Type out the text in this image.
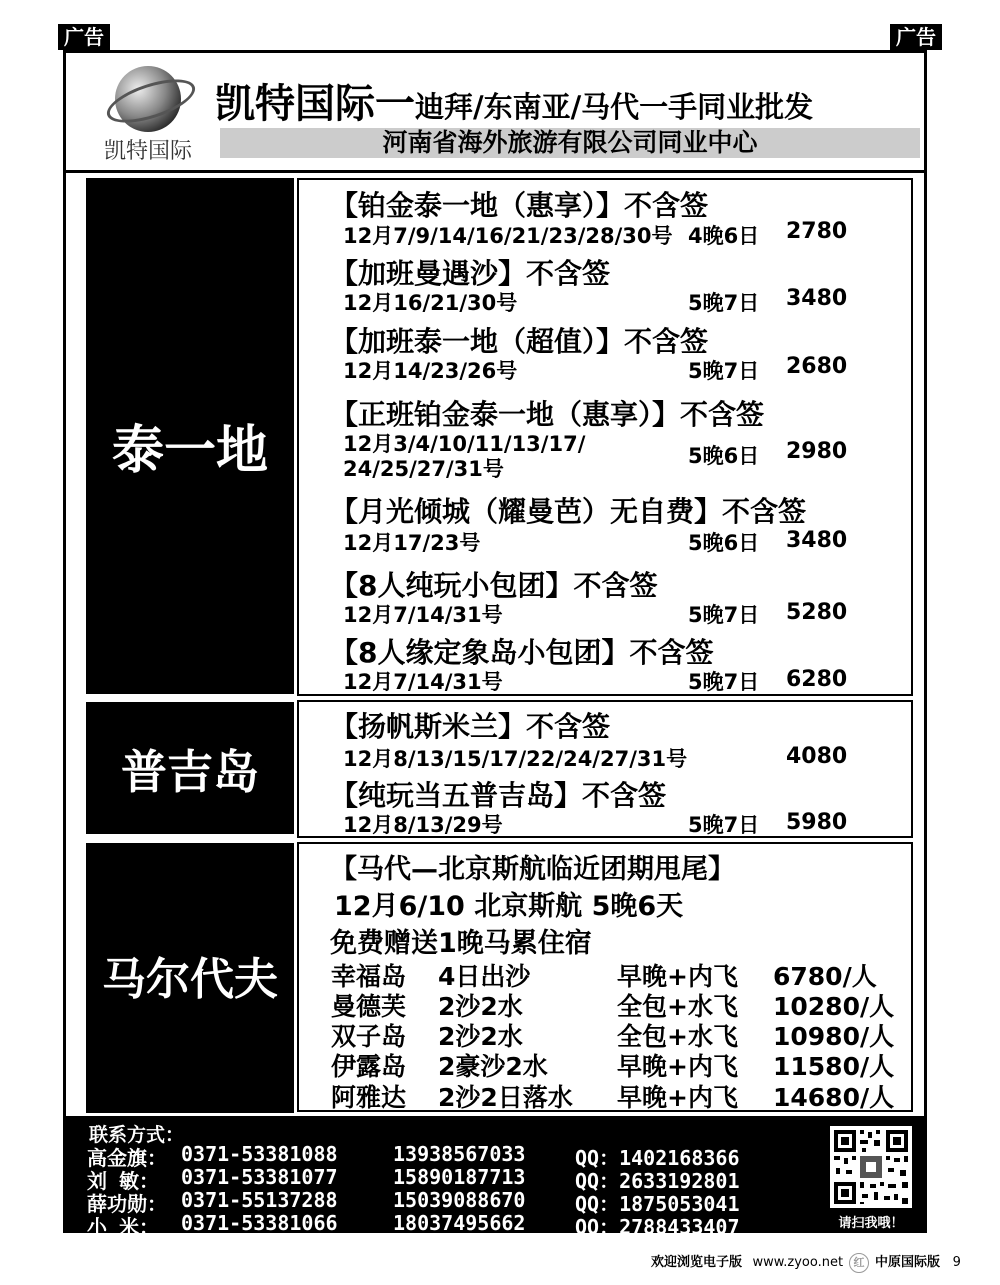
广告	广告
凯特国际
凯特国际一迪拜/东南亚/马代一手同业批发
河南省海外旅游有限公司同业中心
泰一地
【铂金泰一地（惠享）】不含签
12月7/9/14/16/21/23/28/30号 4晚6日 2780
【加班曼遇沙】不含签
12月16/21/30号	5晚7日 3480
【加班泰一地（超值）】不含签
12月14/23/26号	5晚7日 2680
【正班铂金泰一地（惠享）】不含签
12月3/4/10/11/13/17/
24/25/27/31号
5晚6日 2980
【月光倾城（耀曼芭）无自费】不含签
12月17/23号	5晚6日 3480
【8人纯玩小包团】不含签
12月7/14/31号	5晚7日 5280
【8人缘定象岛小包团】不含签
12月7/14/31号	5晚7日 6280
普吉岛
【扬帆斯米兰】不含签
12月8/13/15/17/22/24/27/31号	4080
【纯玩当五普吉岛】不含签
12月8/13/29号	5晚7日 5980
马尔代夫
【马代—北京斯航临近团期甩尾】
12月6/10 北京斯航 5晚6天
免费赠送1晚马累住宿
幸福岛 4日出沙	早晚+内飞 6780/人
曼德芙 2沙2水	全包+水飞 10280/人
双子岛 2沙2水	全包+水飞 10980/人
伊露岛 2豪沙2水	早晚+内飞 11580/人
阿雅达 2沙2日落水 早晚+内飞 14680/人
联系方式：
高金旗： 0371-53381088	13938567033 QQ：1402168366
刘 敏： 0371-53381077	15890187713 QQ：2633192801
薛功勋： 0371-55137288	15039088670 QQ：1875053041
小 米： 0371-53381066	18037495662 QQ：2788433407	请扫我哦！
欢迎浏览电子版 www.zyoo.net 红 中原国际版 9
